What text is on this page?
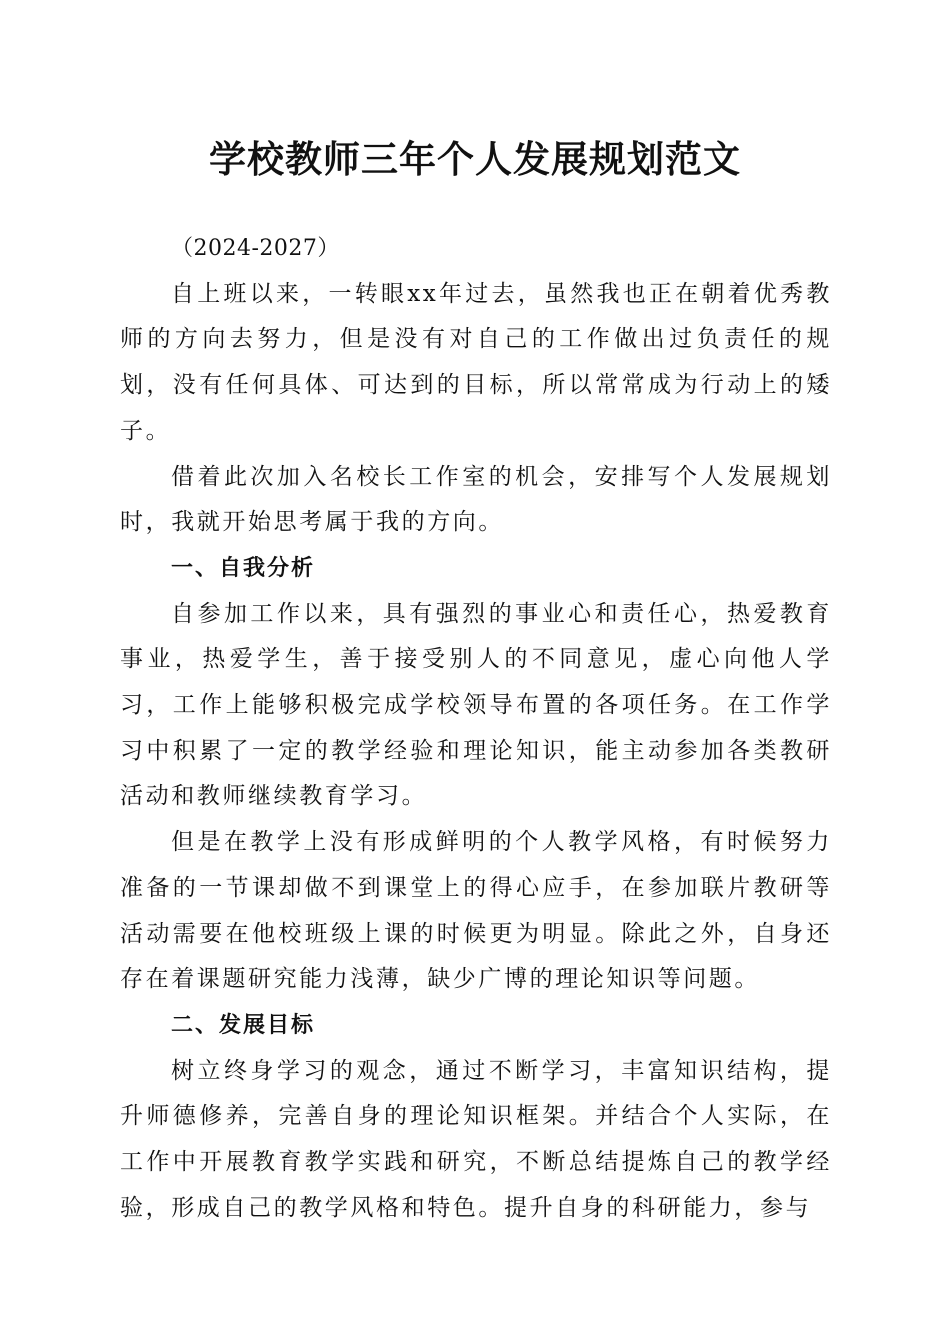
学校教师三年个人发展规划范文

（2024-2027）

自上班以来，一转眼xx年过去，虽然我也正在朝着优秀教师的方向去努力，但是没有对自己的工作做出过负责任的规划，没有任何具体、可达到的目标，所以常常成为行动上的矮子。

借着此次加入名校长工作室的机会，安排写个人发展规划时，我就开始思考属于我的方向。

一、自我分析

自参加工作以来，具有强烈的事业心和责任心，热爱教育事业，热爱学生，善于接受别人的不同意见，虚心向他人学习，工作上能够积极完成学校领导布置的各项任务。在工作学习中积累了一定的教学经验和理论知识，能主动参加各类教研活动和教师继续教育学习。

但是在教学上没有形成鲜明的个人教学风格，有时候努力准备的一节课却做不到课堂上的得心应手，在参加联片教研等活动需要在他校班级上课的时候更为明显。除此之外，自身还存在着课题研究能力浅薄，缺少广博的理论知识等问题。

二、发展目标

树立终身学习的观念，通过不断学习，丰富知识结构，提升师德修养，完善自身的理论知识框架。并结合个人实际，在工作中开展教育教学实践和研究，不断总结提炼自己的教学经验，形成自己的教学风格和特色。提升自身的科研能力，参与
